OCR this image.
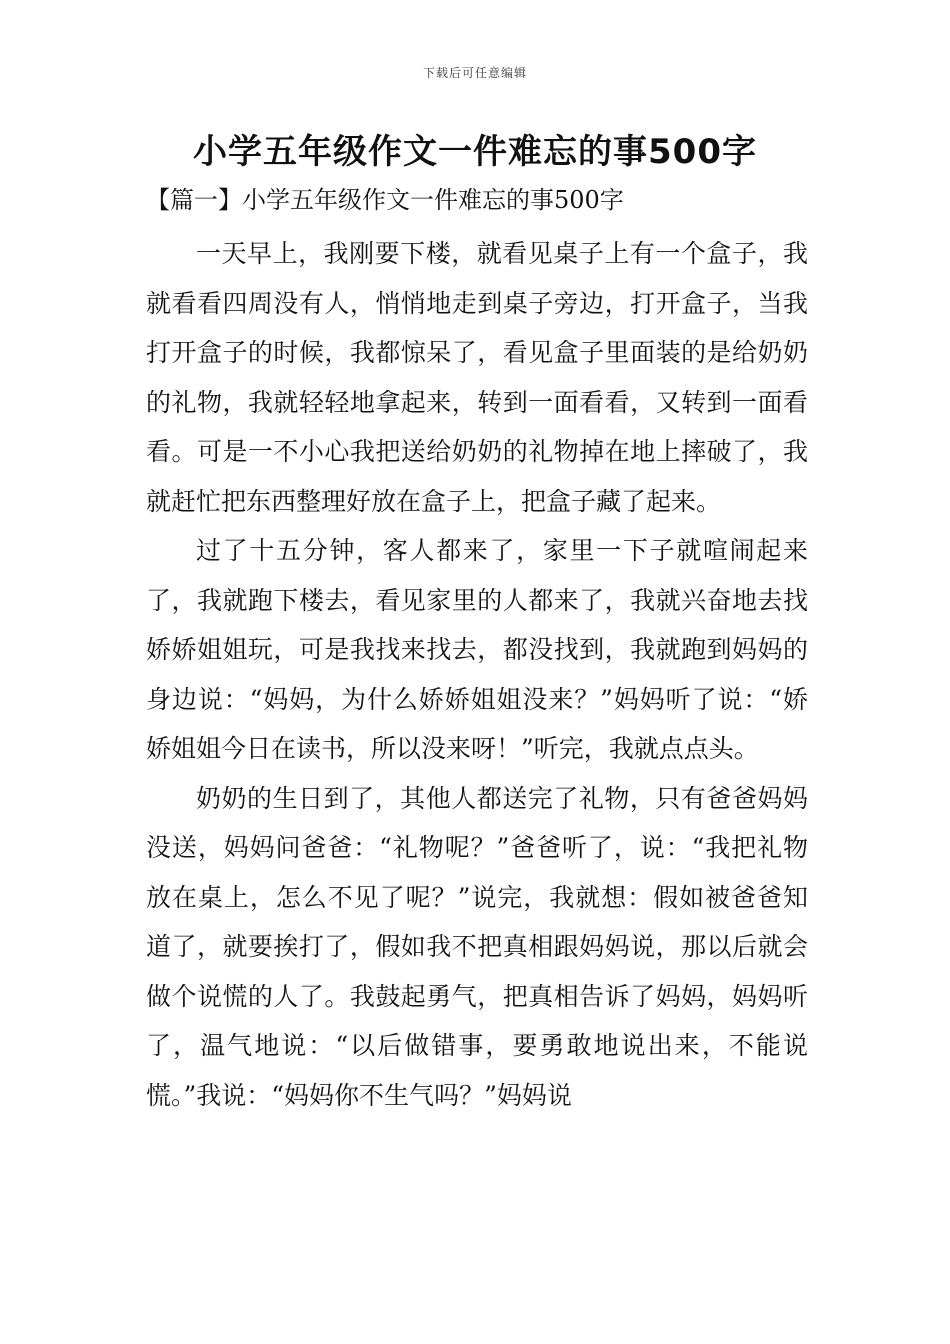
下载后可任意编辑
小学五年级作文一件难忘的事500字
【篇一】小学五年级作文一件难忘的事500字

一天早上，我刚要下楼，就看见桌子上有一个盒子，我就看看四周没有人，悄悄地走到桌子旁边，打开盒子，当我打开盒子的时候，我都惊呆了，看见盒子里面装的是给奶奶的礼物，我就轻轻地拿起来，转到一面看看，又转到一面看看。可是一不小心我把送给奶奶的礼物掉在地上摔破了，我就赶忙把东西整理好放在盒子上，把盒子藏了起来。

过了十五分钟，客人都来了，家里一下子就喧闹起来了，我就跑下楼去，看见家里的人都来了，我就兴奋地去找娇娇姐姐玩，可是我找来找去，都没找到，我就跑到妈妈的身边说：“妈妈，为什么娇娇姐姐没来？”妈妈听了说：“娇娇姐姐今日在读书，所以没来呀！”听完，我就点点头。

奶奶的生日到了，其他人都送完了礼物，只有爸爸妈妈没送，妈妈问爸爸：“礼物呢？”爸爸听了，说：“我把礼物放在桌上，怎么不见了呢？”说完，我就想：假如被爸爸知道了，就要挨打了，假如我不把真相跟妈妈说，那以后就会做个说慌的人了。我鼓起勇气，把真相告诉了妈妈，妈妈听了，温气地说：“以后做错事，要勇敢地说出来，不能说慌。”我说：“妈妈你不生气吗？”妈妈说
